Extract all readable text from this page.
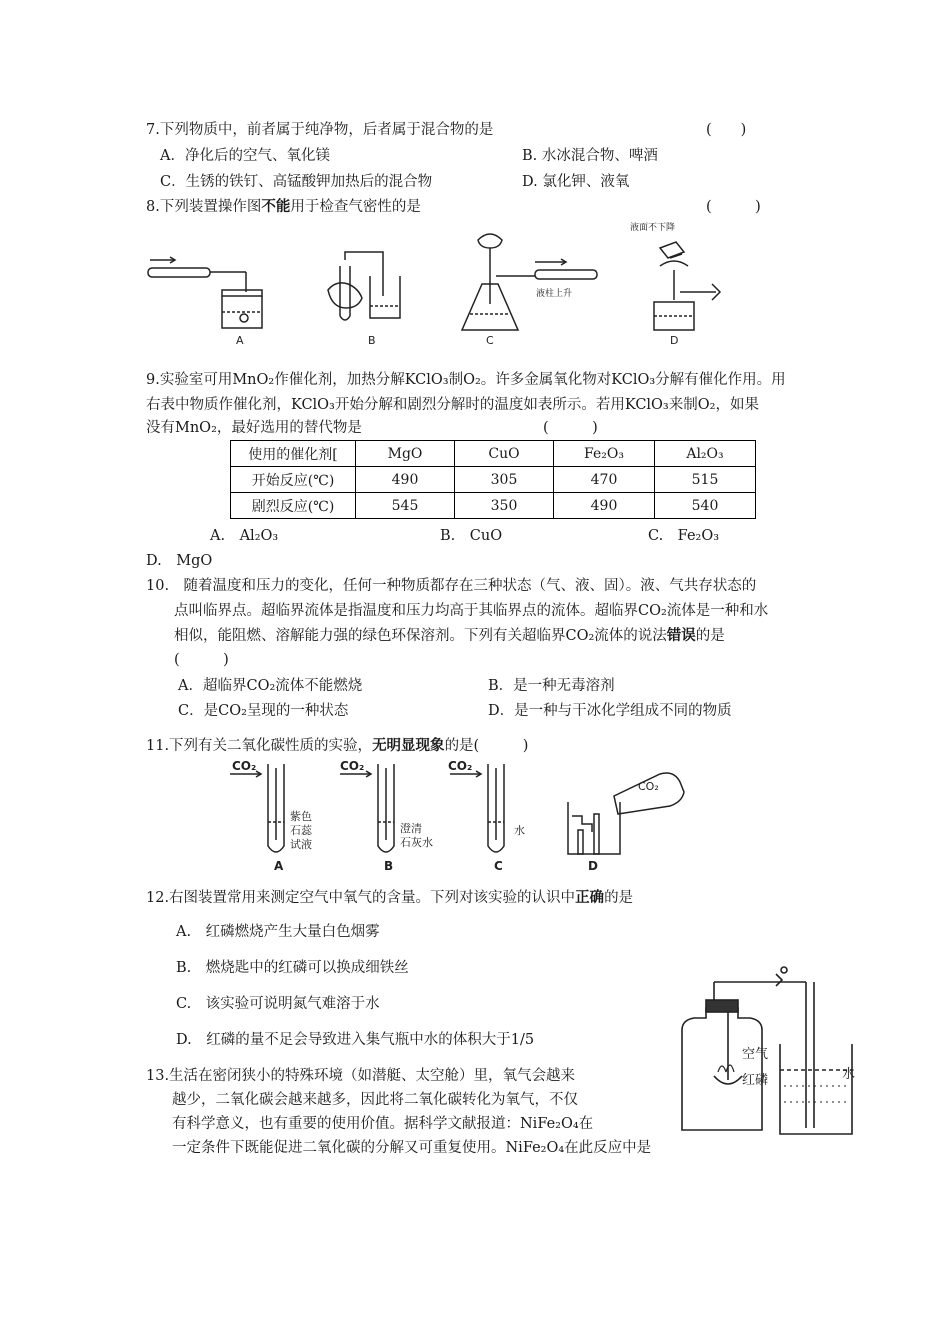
7.下列物质中，前者属于纯净物，后者属于混合物的是	(　　)
A．净化后的空气、氧化镁	B. 水冰混合物、啤酒
C．生锈的铁钉、高锰酸钾加热后的混合物	D. 氯化钾、液氧
8.下列装置操作图不能用于检查气密性的是	(　　　)
液面不下降
液柱上升
A	B	C	D
9.实验室可用MnO₂作催化剂，加热分解KClO₃制O₂。许多金属氧化物对KClO₃分解有催化作用。用
右表中物质作催化剂，KClO₃开始分解和剧烈分解时的温度如表所示。若用KClO₃来制O₂，如果
没有MnO₂，最好选用的替代物是	(　　　)
使用的催化剂[	MgO	CuO	Fe₂O₃	Al₂O₃
开始反应(℃)	490	305	470	515
剧烈反应(℃)	545	350	490	540
A.　Al₂O₃	B.　CuO	C.　Fe₂O₃
D.　MgO
10.　随着温度和压力的变化，任何一种物质都存在三种状态（气、液、固）。液、气共存状态的
点叫临界点。超临界流体是指温度和压力均高于其临界点的流体。超临界CO₂流体是一种和水
相似，能阻燃、溶解能力强的绿色环保溶剂。下列有关超临界CO₂流体的说法错误的是
(　　　)
A．超临界CO₂流体不能燃烧	B．是一种无毒溶剂
C．是CO₂呈现的一种状态	D．是一种与干冰化学组成不同的物质
11.下列有关二氧化碳性质的实验，无明显现象的是(　　　)
CO₂	CO₂	CO₂
CO₂
紫色
石蕊
试液
澄清
石灰水
水
A	B	C	D
12.右图装置常用来测定空气中氧气的含量。下列对该实验的认识中正确的是
A.　红磷燃烧产生大量白色烟雾
B.　燃烧匙中的红磷可以换成细铁丝
C.　该实验可说明氮气难溶于水
D.　红磷的量不足会导致进入集气瓶中水的体积大于1/5
空气
红磷	水
13.生活在密闭狭小的特殊环境（如潜艇、太空舱）里，氧气会越来
越少，二氧化碳会越来越多，因此将二氧化碳转化为氧气，不仅
有科学意义，也有重要的使用价值。据科学文献报道：NiFe₂O₄在
一定条件下既能促进二氧化碳的分解又可重复使用。NiFe₂O₄在此反应中是
